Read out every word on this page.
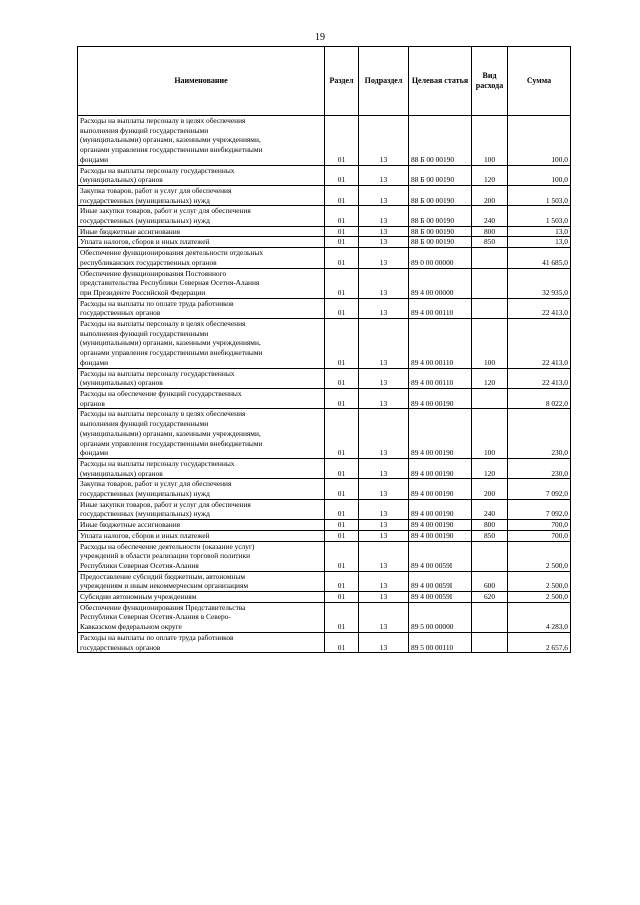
19
Наименование	Раздел	Подраздел	Целевая статья	Вид расхода	Сумма

Расходы на выплаты персоналу в целях обеспечения
выполнения функций государственными
(муниципальными) органами, казенными учреждениями,
органами управления государственными внебюджетными
фондами	01	13	88 Б 00 00190	100	100,0

Расходы на выплаты персоналу государственных
(муниципальных) органов	01	13	88 Б 00 00190	120	100,0

Закупка товаров, работ и услуг для обеспечения
государственных (муниципальных) нужд	01	13	88 Б 00 00190	200	1 503,0

Иные закупки товаров, работ и услуг для обеспечения
государственных (муниципальных) нужд	01	13	88 Б 00 00190	240	1 503,0

Иные бюджетные ассигнования	01	13	88 Б 00 00190	800	13,0

Уплата налогов, сборов и иных платежей	01	13	88 Б 00 00190	850	13,0

Обеспечение функционирования деятельности отдельных
республиканских государственных органов	01	13	89 0 00 00000		41 685,0

Обеспечение функционирования Постоянного
представительства Республики Северная Осетия-Алания
при Президенте Российской Федерации	01	13	89 4 00 00000		32 935,0

Расходы на выплаты по оплате труда работников
государственных органов	01	13	89 4 00 00110		22 413,0

Расходы на выплаты персоналу в целях обеспечения
выполнения функций государственными
(муниципальными) органами, казенными учреждениями,
органами управления государственными внебюджетными
фондами	01	13	89 4 00 00110	100	22 413,0

Расходы на выплаты персоналу государственных
(муниципальных) органов	01	13	89 4 00 00110	120	22 413,0

Расходы на обеспечение функций государственных
органов	01	13	89 4 00 00190		8 022,0

Расходы на выплаты персоналу в целях обеспечения
выполнения функций государственными
(муниципальными) органами, казенными учреждениями,
органами управления государственными внебюджетными
фондами	01	13	89 4 00 00190	100	230,0

Расходы на выплаты персоналу государственных
(муниципальных) органов	01	13	89 4 00 00190	120	230,0

Закупка товаров, работ и услуг для обеспечения
государственных (муниципальных) нужд	01	13	89 4 00 00190	200	7 092,0

Иные закупки товаров, работ и услуг для обеспечения
государственных (муниципальных) нужд	01	13	89 4 00 00190	240	7 092,0

Иные бюджетные ассигнования	01	13	89 4 00 00190	800	700,0

Уплата налогов, сборов и иных платежей	01	13	89 4 00 00190	850	700,0

Расходы на обеспечение деятельности (оказание услуг)
учреждений в области реализации торговой политики
Республики Северная Осетия-Алания	01	13	89 4 00 0059I		2 500,0

Предоставление субсидий бюджетным, автономным
учреждениям и иным некоммерческим организациям	01	13	89 4 00 0059I	600	2 500,0

Субсидии автономным учреждениям	01	13	89 4 00 0059I	620	2 500,0

Обеспечение функционирования Представительства
Республики Северная Осетия-Алания в Северо-
Кавказском федеральном округе	01	13	89 5 00 00000		4 283,0

Расходы на выплаты по оплате труда работников
государственных органов	01	13	89 5 00 00110		2 657,6
